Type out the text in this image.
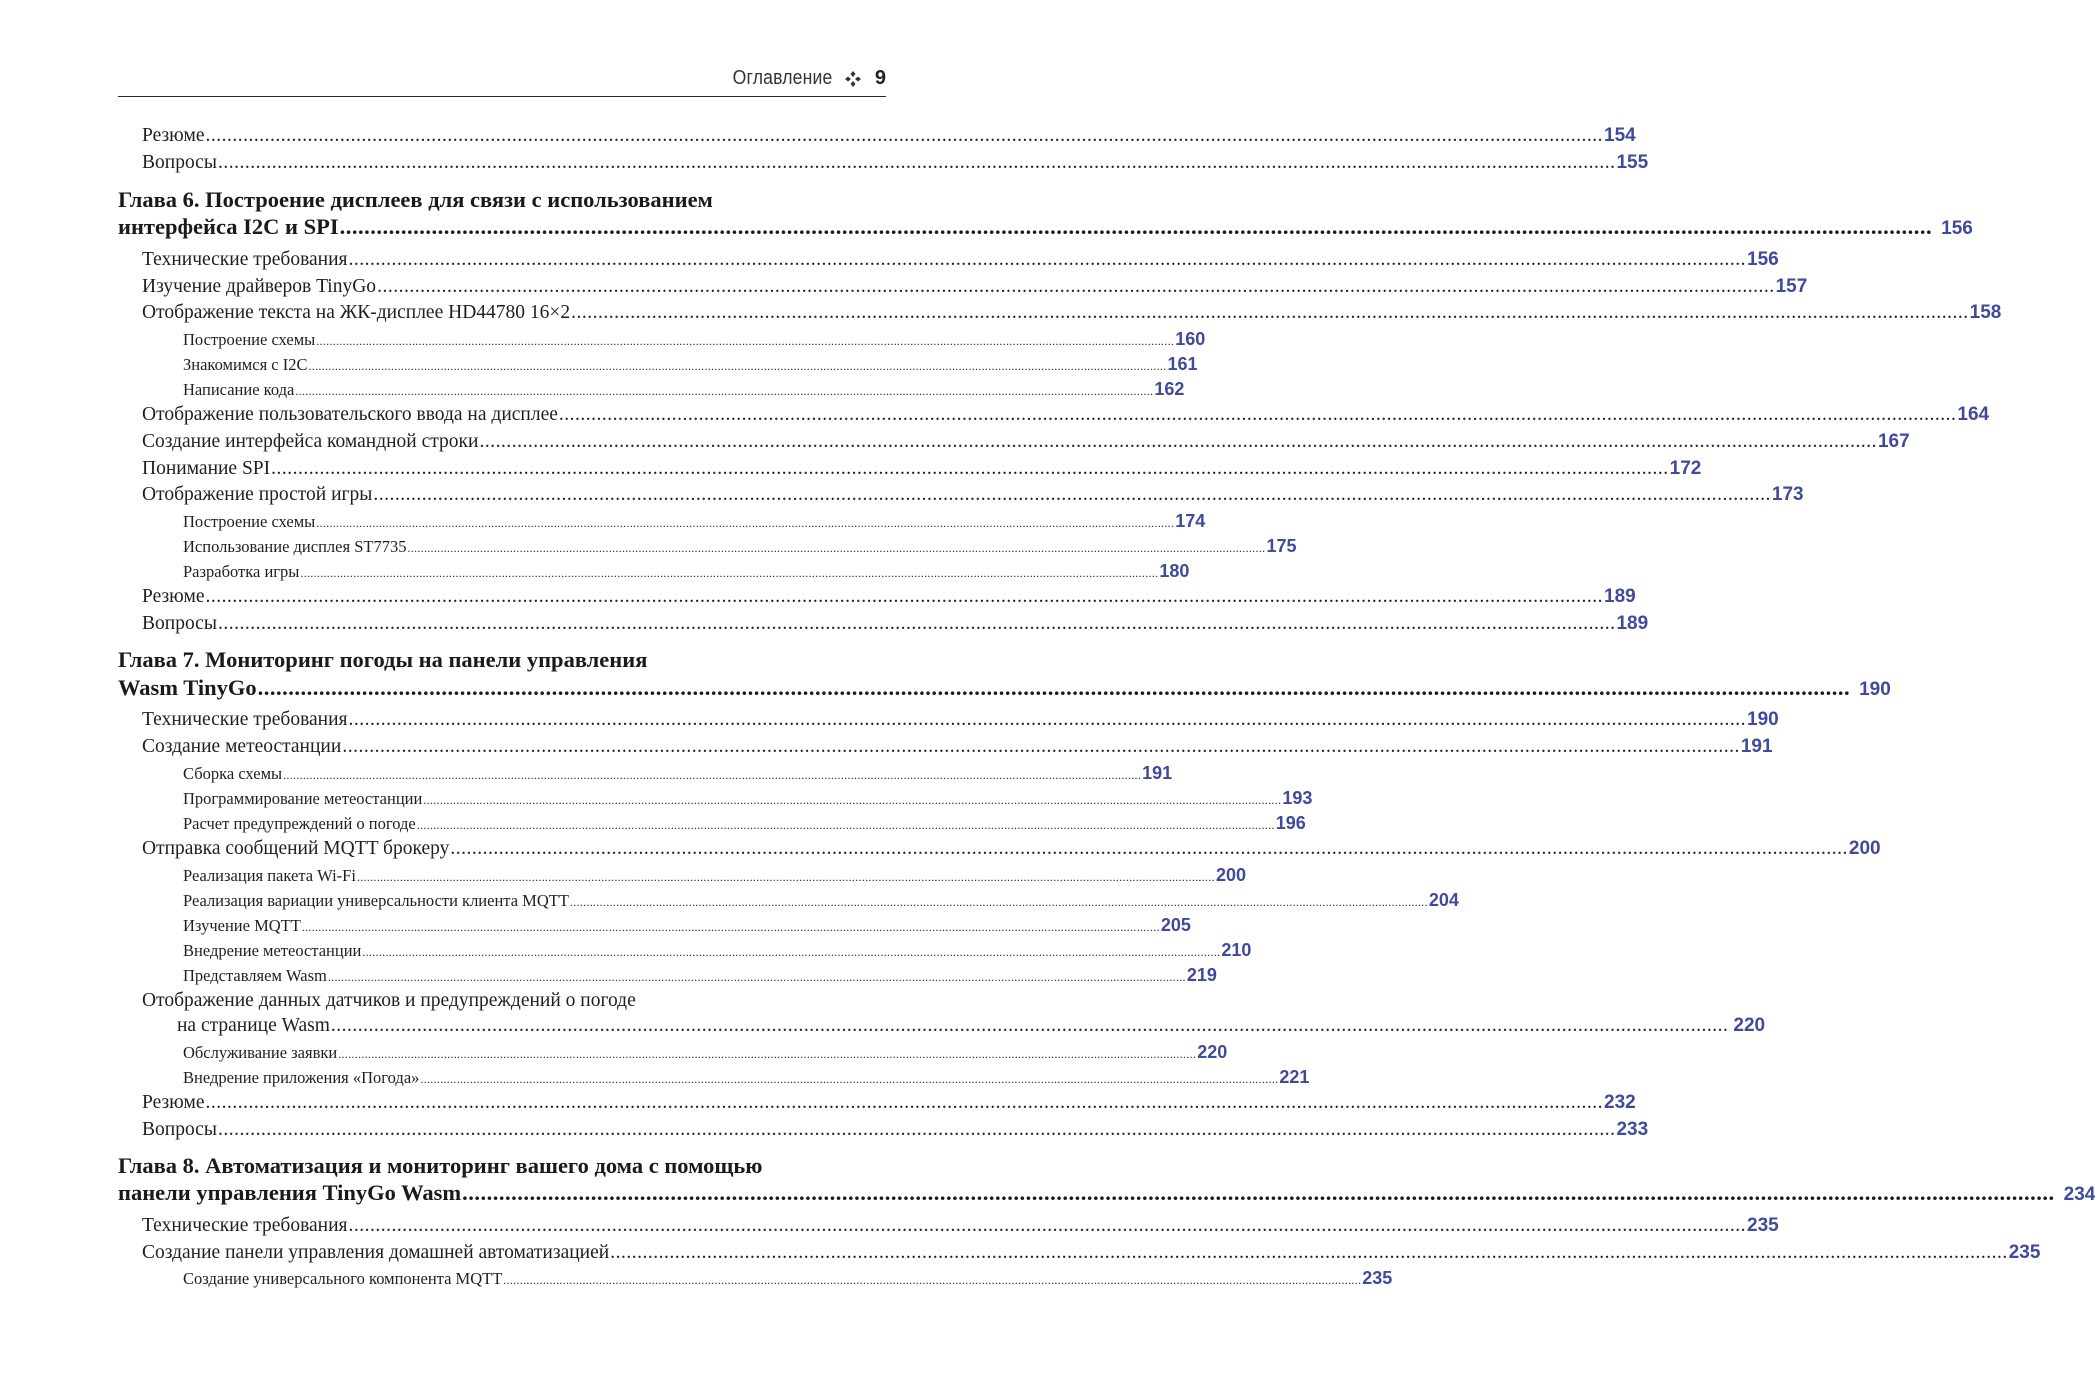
Оглавление 9
Резюме .................................................................................................................................................................................................................................................................... 154
Вопросы .................................................................................................................................................................................................................................................................... 155
Глава 6. Построение дисплеев для связи с использованием
интерфейса I2C и SPI .................................................................................................................................................................................................................................................................... 156
Технические требования .................................................................................................................................................................................................................................................................... 156
Изучение драйверов TinyGo .................................................................................................................................................................................................................................................................... 157
Отображение текста на ЖК-дисплее HD44780 16×2 .................................................................................................................................................................................................................................................................... 158
Построение схемы .................................................................................................................................................................................................................................................................... 160
Знакомимся с I2C .................................................................................................................................................................................................................................................................... 161
Написание кода .................................................................................................................................................................................................................................................................... 162
Отображение пользовательского ввода на дисплее .................................................................................................................................................................................................................................................................... 164
Создание интерфейса командной строки .................................................................................................................................................................................................................................................................... 167
Понимание SPI .................................................................................................................................................................................................................................................................... 172
Отображение простой игры .................................................................................................................................................................................................................................................................... 173
Построение схемы .................................................................................................................................................................................................................................................................... 174
Использование дисплея ST7735 .................................................................................................................................................................................................................................................................... 175
Разработка игры .................................................................................................................................................................................................................................................................... 180
Резюме .................................................................................................................................................................................................................................................................... 189
Вопросы .................................................................................................................................................................................................................................................................... 189
Глава 7. Мониторинг погоды на панели управления
Wasm TinyGo .................................................................................................................................................................................................................................................................... 190
Технические требования .................................................................................................................................................................................................................................................................... 190
Создание метеостанции .................................................................................................................................................................................................................................................................... 191
Сборка схемы .................................................................................................................................................................................................................................................................... 191
Программирование метеостанции .................................................................................................................................................................................................................................................................... 193
Расчет предупреждений о погоде .................................................................................................................................................................................................................................................................... 196
Отправка сообщений MQTT брокеру .................................................................................................................................................................................................................................................................... 200
Реализация пакета Wi-Fi .................................................................................................................................................................................................................................................................... 200
Реализация вариации универсальности клиента MQTT .................................................................................................................................................................................................................................................................... 204
Изучение MQTT .................................................................................................................................................................................................................................................................... 205
Внедрение метеостанции .................................................................................................................................................................................................................................................................... 210
Представляем Wasm .................................................................................................................................................................................................................................................................... 219
Отображение данных датчиков и предупреждений о погоде
на странице Wasm .................................................................................................................................................................................................................................................................... 220
Обслуживание заявки .................................................................................................................................................................................................................................................................... 220
Внедрение приложения «Погода» .................................................................................................................................................................................................................................................................... 221
Резюме .................................................................................................................................................................................................................................................................... 232
Вопросы .................................................................................................................................................................................................................................................................... 233
Глава 8. Автоматизация и мониторинг вашего дома с помощью
панели управления TinyGo Wasm .................................................................................................................................................................................................................................................................... 234
Технические требования .................................................................................................................................................................................................................................................................... 235
Создание панели управления домашней автоматизацией .................................................................................................................................................................................................................................................................... 235
Создание универсального компонента MQTT .................................................................................................................................................................................................................................................................... 235
